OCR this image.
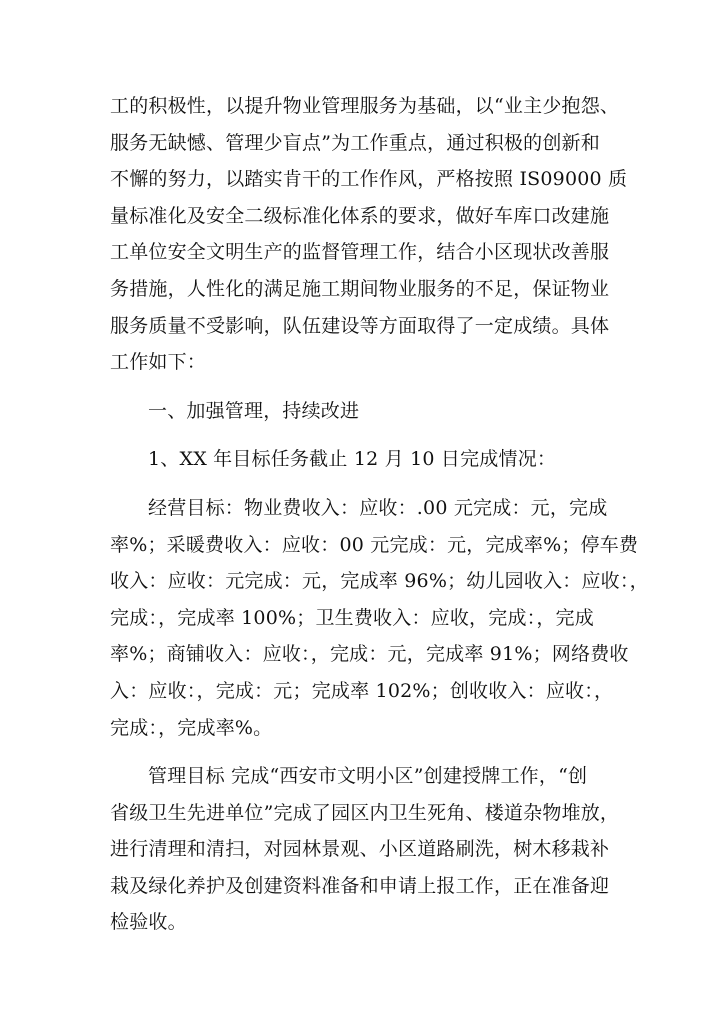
工的积极性，以提升物业管理服务为基础，以“业主少抱怨、
服务无缺憾、管理少盲点”为工作重点，通过积极的创新和
不懈的努力，以踏实肯干的工作作风，严格按照 IS09000 质
量标准化及安全二级标准化体系的要求，做好车库口改建施
工单位安全文明生产的监督管理工作，结合小区现状改善服
务措施，人性化的满足施工期间物业服务的不足，保证物业
服务质量不受影响，队伍建设等方面取得了一定成绩。具体
工作如下：
一、加强管理，持续改进
1、XX 年目标任务截止 12 月 10 日完成情况：
经营目标：物业费收入：应收：.00 元完成：元，完成
率%；采暖费收入：应收：00 元完成：元，完成率%；停车费
收入：应收：元完成：元，完成率 96%；幼儿园收入：应收：，
完成：，完成率 100%；卫生费收入：应收，完成：，完成
率%；商铺收入：应收：，完成：元，完成率 91%；网络费收
入：应收：，完成：元；完成率 102%；创收收入：应收：，
完成：，完成率%。
管理目标 完成“西安市文明小区”创建授牌工作，“创
省级卫生先进单位”完成了园区内卫生死角、楼道杂物堆放，
进行清理和清扫，对园林景观、小区道路刷洗，树木移栽补
栽及绿化养护及创建资料准备和申请上报工作，正在准备迎
检验收。
